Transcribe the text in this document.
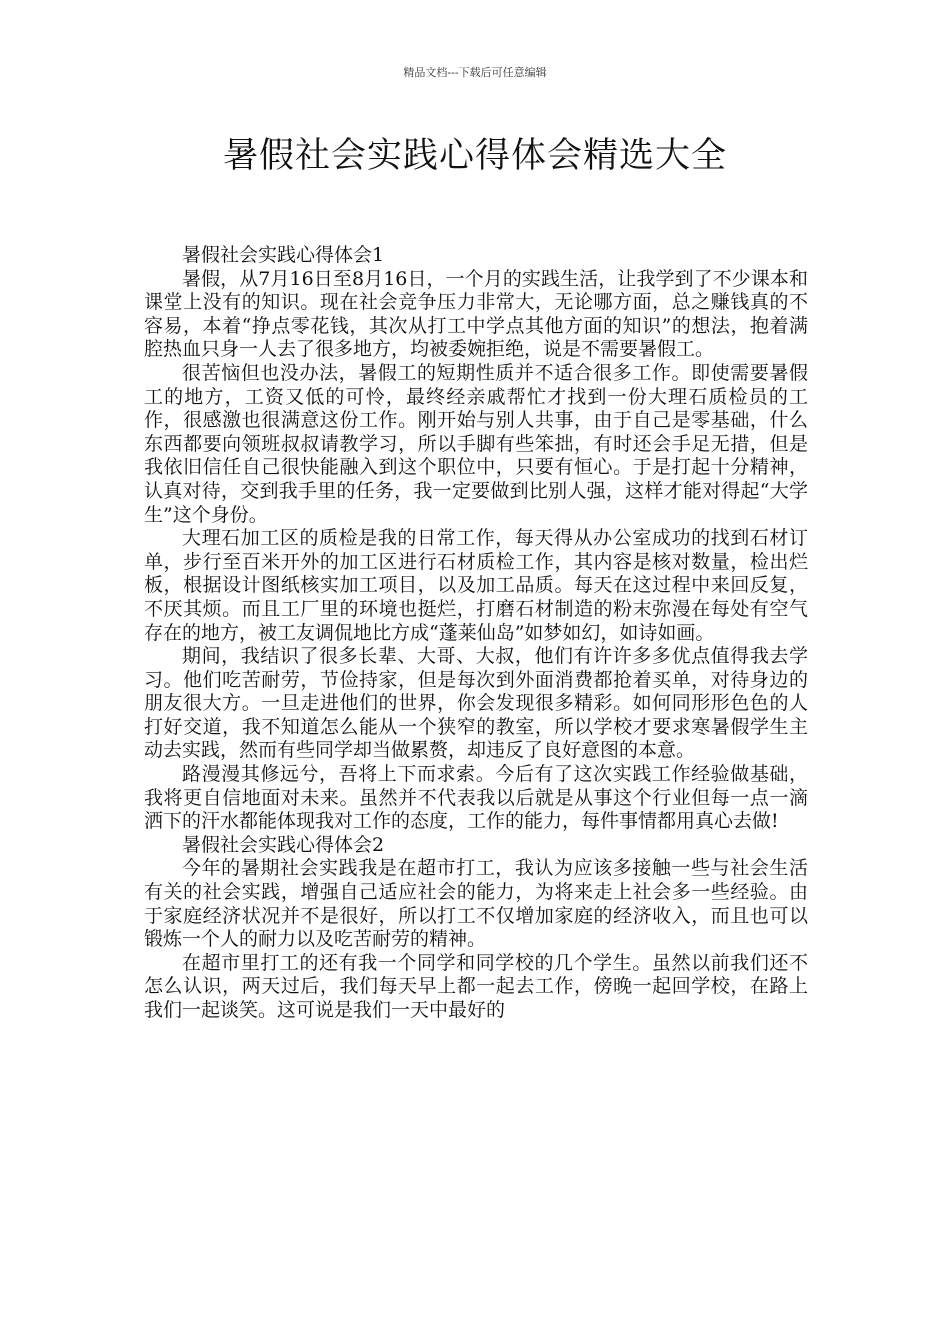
精品文档---下载后可任意编辑
暑假社会实践心得体会精选大全

暑假社会实践心得体会1

暑假，从7月16日至8月16日，一个月的实践生活，让我学到了不少课本和课堂上没有的知识。现在社会竞争压力非常大，无论哪方面，总之赚钱真的不容易，本着“挣点零花钱，其次从打工中学点其他方面的知识”的想法，抱着满腔热血只身一人去了很多地方，均被委婉拒绝，说是不需要暑假工。

很苦恼但也没办法，暑假工的短期性质并不适合很多工作。即使需要暑假工的地方，工资又低的可怜，最终经亲戚帮忙才找到一份大理石质检员的工作，很感激也很满意这份工作。刚开始与别人共事，由于自己是零基础，什么东西都要向领班叔叔请教学习，所以手脚有些笨拙，有时还会手足无措，但是我依旧信任自己很快能融入到这个职位中，只要有恒心。于是打起十分精神，认真对待，交到我手里的任务，我一定要做到比别人强，这样才能对得起“大学生”这个身份。

大理石加工区的质检是我的日常工作，每天得从办公室成功的找到石材订单，步行至百米开外的加工区进行石材质检工作，其内容是核对数量，检出烂板，根据设计图纸核实加工项目，以及加工品质。每天在这过程中来回反复，不厌其烦。而且工厂里的环境也挺烂，打磨石材制造的粉末弥漫在每处有空气存在的地方，被工友调侃地比方成“蓬莱仙岛”如梦如幻，如诗如画。

期间，我结识了很多长辈、大哥、大叔，他们有许许多多优点值得我去学习。他们吃苦耐劳，节俭持家，但是每次到外面消费都抢着买单，对待身边的朋友很大方。一旦走进他们的世界，你会发现很多精彩。如何同形形色色的人打好交道，我不知道怎么能从一个狭窄的教室，所以学校才要求寒暑假学生主动去实践，然而有些同学却当做累赘，却违反了良好意图的本意。

路漫漫其修远兮，吾将上下而求索。今后有了这次实践工作经验做基础，我将更自信地面对未来。虽然并不代表我以后就是从事这个行业但每一点一滴洒下的汗水都能体现我对工作的态度，工作的能力，每件事情都用真心去做!

暑假社会实践心得体会2

今年的暑期社会实践我是在超市打工，我认为应该多接触一些与社会生活有关的社会实践，增强自己适应社会的能力，为将来走上社会多一些经验。由于家庭经济状况并不是很好，所以打工不仅增加家庭的经济收入，而且也可以锻炼一个人的耐力以及吃苦耐劳的精神。

在超市里打工的还有我一个同学和同学校的几个学生。虽然以前我们还不怎么认识，两天过后，我们每天早上都一起去工作，傍晚一起回学校，在路上我们一起谈笑。这可说是我们一天中最好的
